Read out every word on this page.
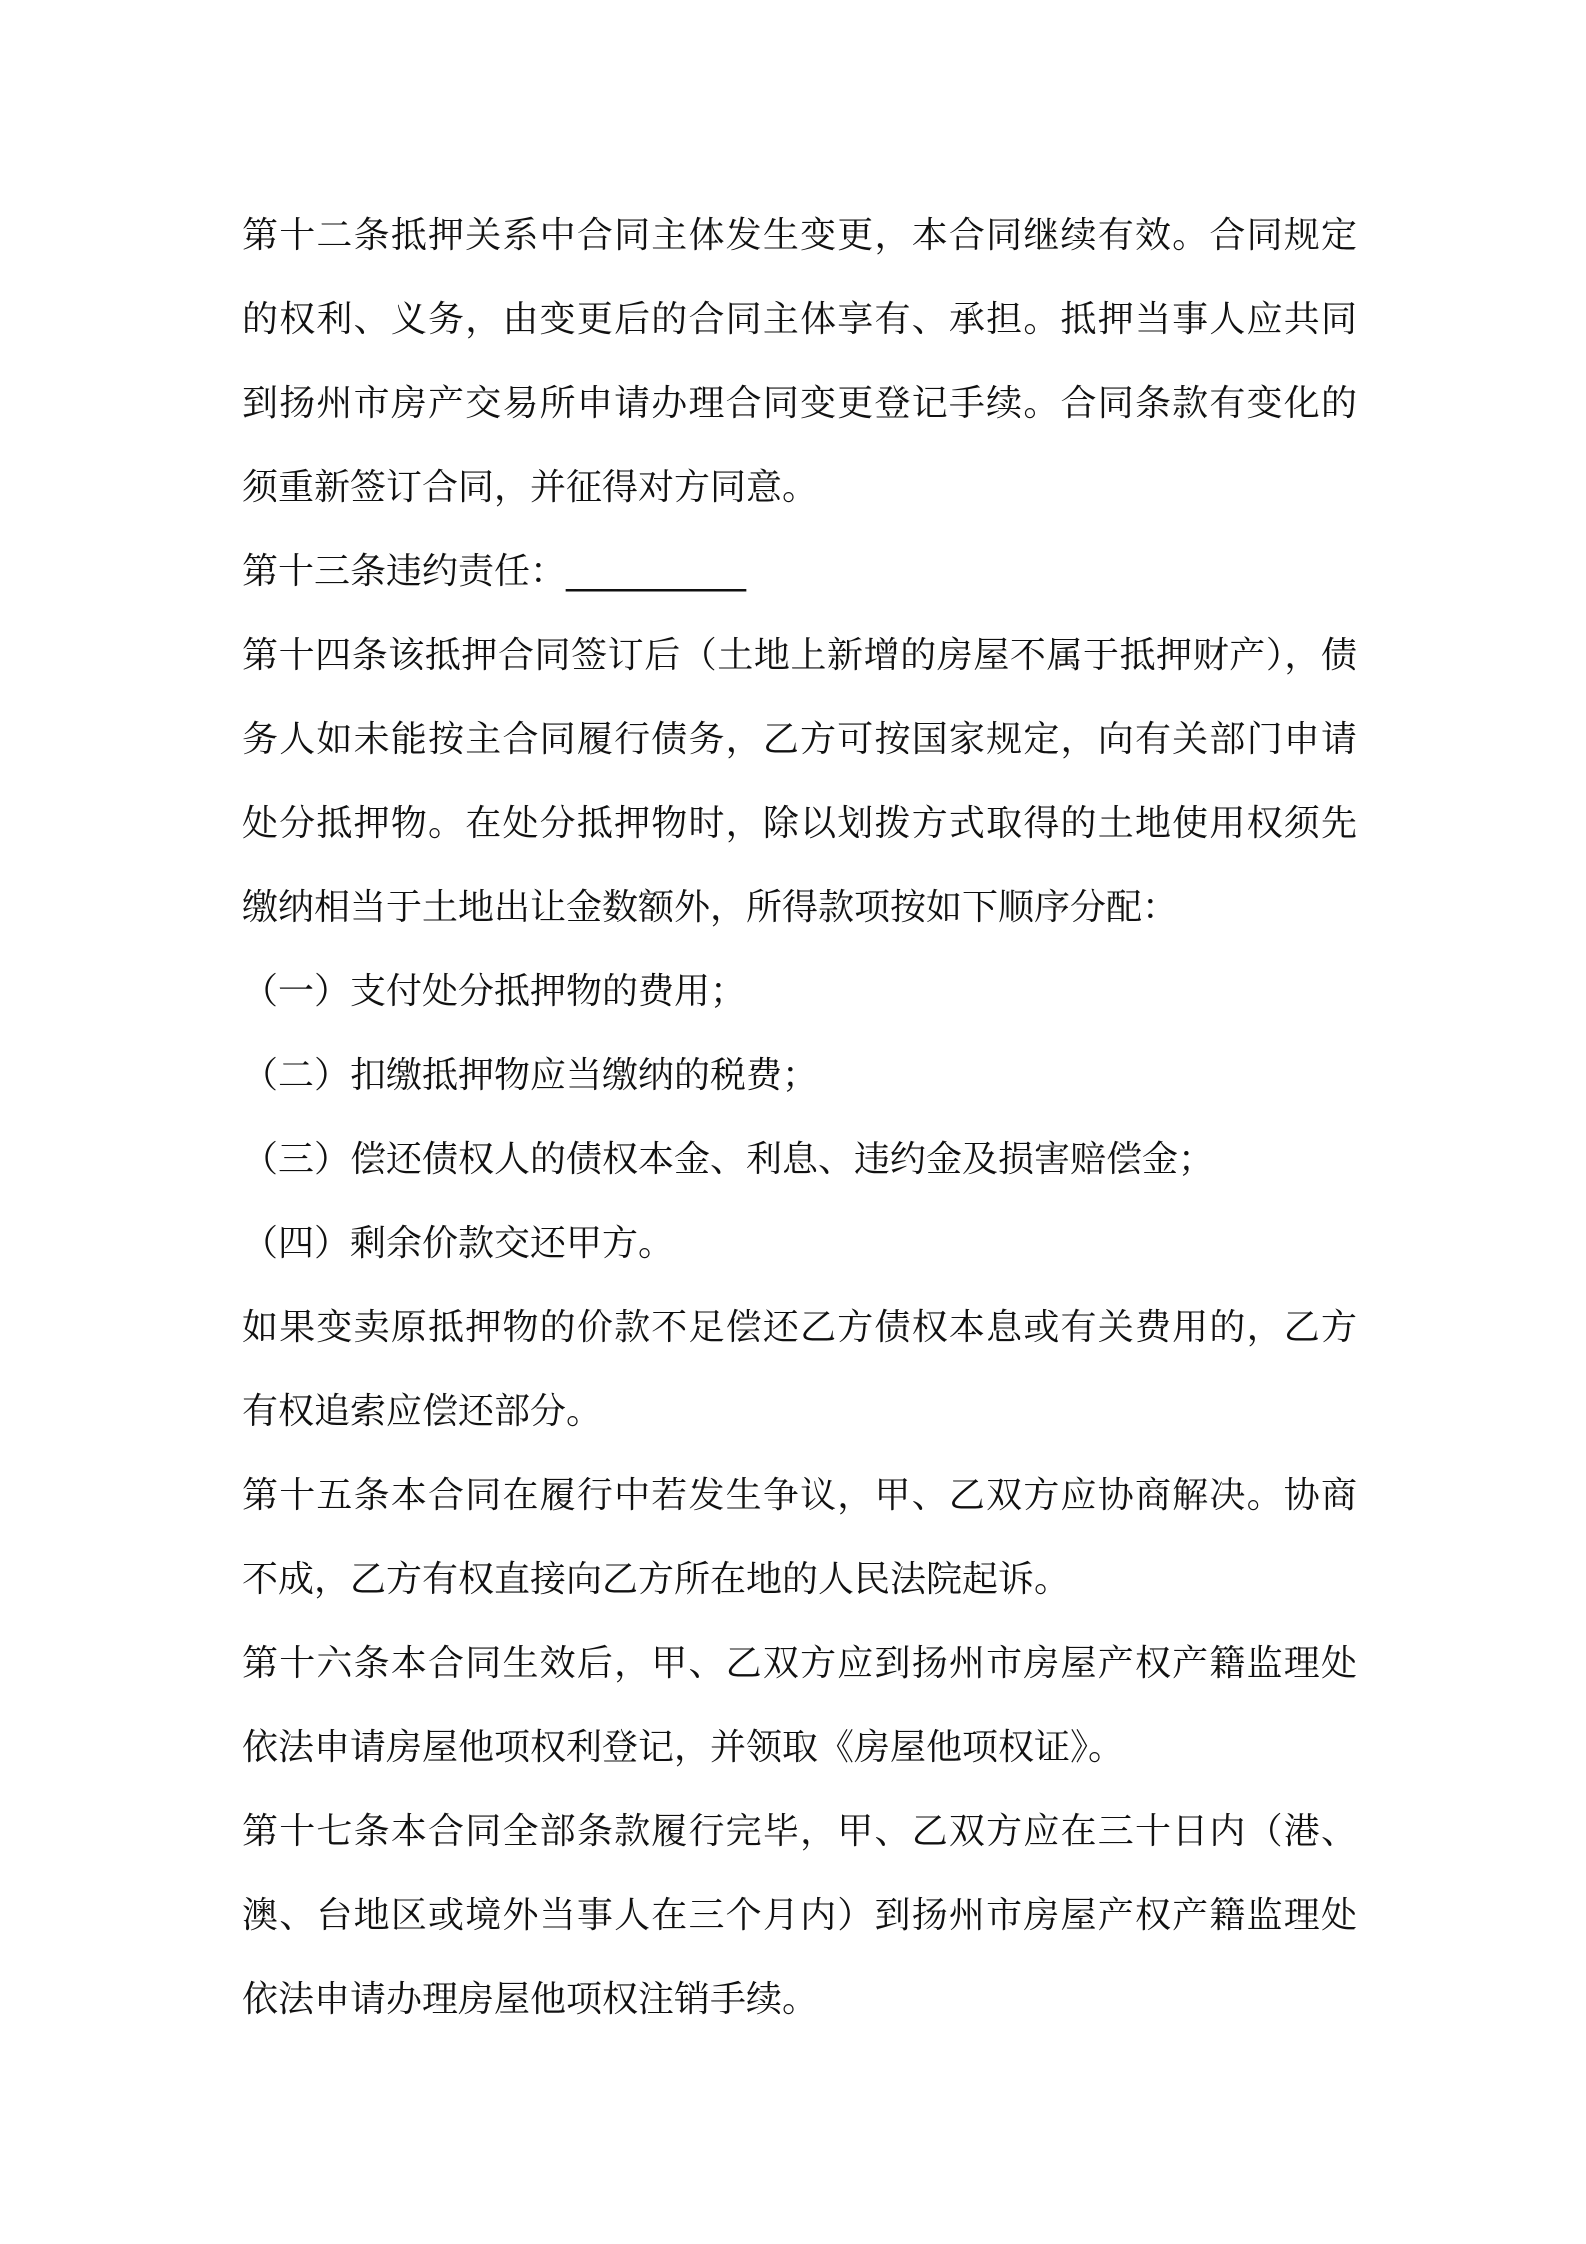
第十二条抵押关系中合同主体发生变更，本合同继续有效。合同规定的权利、义务，由变更后的合同主体享有、承担。抵押当事人应共同到扬州市房产交易所申请办理合同变更登记手续。合同条款有变化的须重新签订合同，并征得对方同意。

第十三条违约责任：__________

第十四条该抵押合同签订后（土地上新增的房屋不属于抵押财产），债务人如未能按主合同履行债务，乙方可按国家规定，向有关部门申请处分抵押物。在处分抵押物时，除以划拨方式取得的土地使用权须先缴纳相当于土地出让金数额外，所得款项按如下顺序分配：

（一）支付处分抵押物的费用；

（二）扣缴抵押物应当缴纳的税费；

（三）偿还债权人的债权本金、利息、违约金及损害赔偿金；

（四）剩余价款交还甲方。

如果变卖原抵押物的价款不足偿还乙方债权本息或有关费用的，乙方有权追索应偿还部分。

第十五条本合同在履行中若发生争议，甲、乙双方应协商解决。协商不成，乙方有权直接向乙方所在地的人民法院起诉。

第十六条本合同生效后，甲、乙双方应到扬州市房屋产权产籍监理处依法申请房屋他项权利登记，并领取《房屋他项权证》。

第十七条本合同全部条款履行完毕，甲、乙双方应在三十日内（港、澳、台地区或境外当事人在三个月内）到扬州市房屋产权产籍监理处依法申请办理房屋他项权注销手续。
